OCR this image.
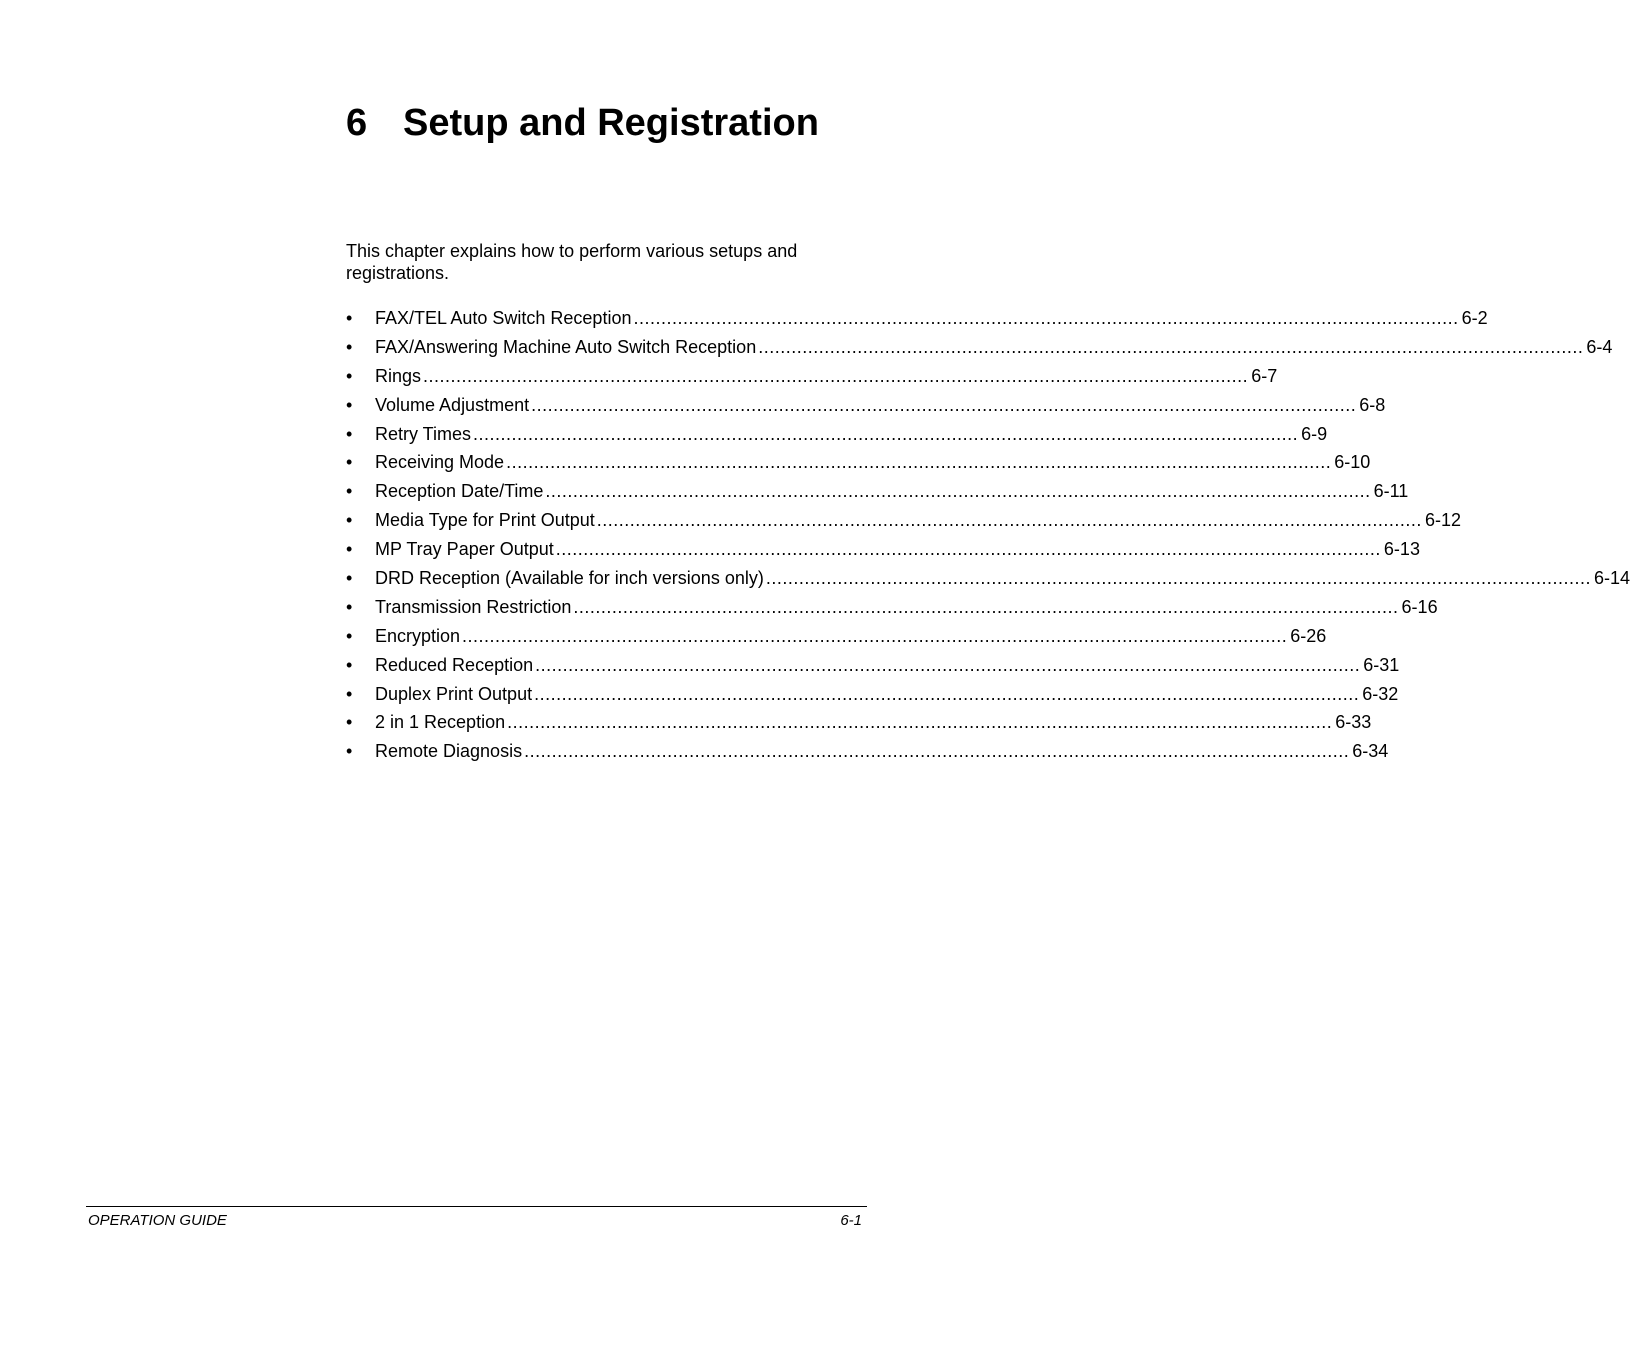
6 Setup and Registration

This chapter explains how to perform various setups and registrations.

•	FAX/TEL Auto Switch Reception ...................................................................................................................................................... 6-2
•	FAX/Answering Machine Auto Switch Reception ...................................................................................................................................................... 6-4
•	Rings ...................................................................................................................................................... 6-7
•	Volume Adjustment ...................................................................................................................................................... 6-8
•	Retry Times ...................................................................................................................................................... 6-9
•	Receiving Mode ...................................................................................................................................................... 6-10
•	Reception Date/Time ...................................................................................................................................................... 6-11
•	Media Type for Print Output ...................................................................................................................................................... 6-12
•	MP Tray Paper Output ...................................................................................................................................................... 6-13
•	DRD Reception (Available for inch versions only) ...................................................................................................................................................... 6-14
•	Transmission Restriction ...................................................................................................................................................... 6-16
•	Encryption ...................................................................................................................................................... 6-26
•	Reduced Reception ...................................................................................................................................................... 6-31
•	Duplex Print Output ...................................................................................................................................................... 6-32
•	2 in 1 Reception ...................................................................................................................................................... 6-33
•	Remote Diagnosis ...................................................................................................................................................... 6-34
OPERATION GUIDE	6-1
